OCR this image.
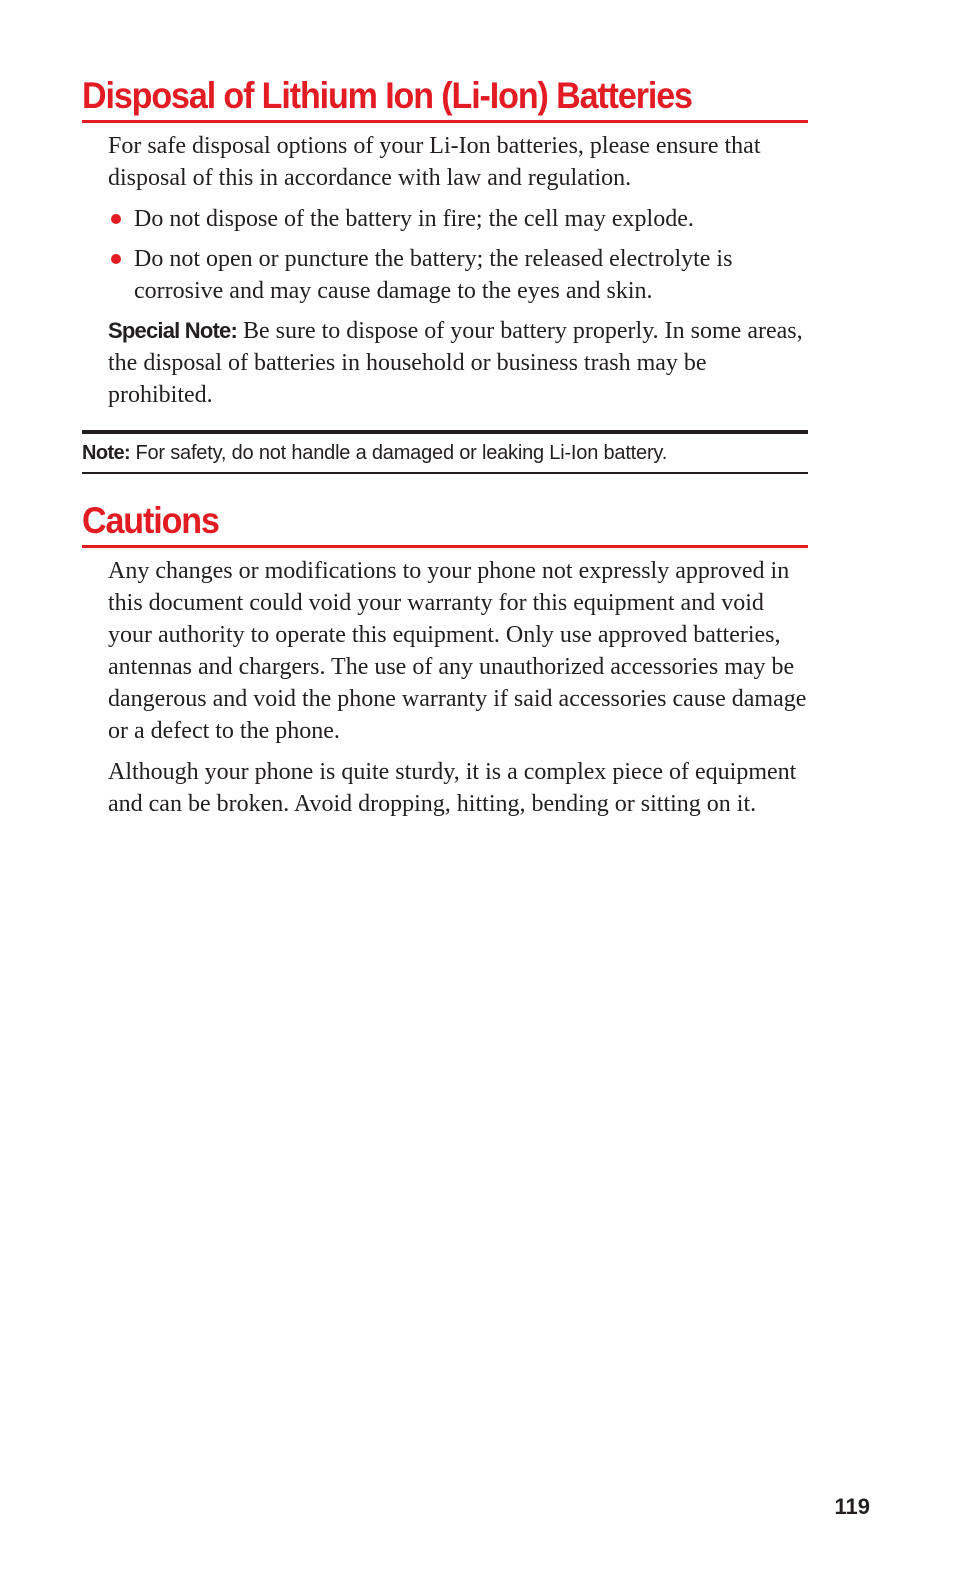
Disposal of Lithium Ion (Li-Ion) Batteries

For safe disposal options of your Li-Ion batteries, please ensure that disposal of this in accordance with law and regulation.

Do not dispose of the battery in fire; the cell may explode.
Do not open or puncture the battery; the released electrolyte is corrosive and may cause damage to the eyes and skin.

Special Note: Be sure to dispose of your battery properly. In some areas, the disposal of batteries in household or business trash may be prohibited.

Note: For safety, do not handle a damaged or leaking Li-Ion battery.
Cautions

Any changes or modifications to your phone not expressly approved in this document could void your warranty for this equipment and void your authority to operate this equipment. Only use approved batteries, antennas and chargers. The use of any unauthorized accessories may be dangerous and void the phone warranty if said accessories cause damage or a defect to the phone.

Although your phone is quite sturdy, it is a complex piece of equipment and can be broken. Avoid dropping, hitting, bending or sitting on it.

119
